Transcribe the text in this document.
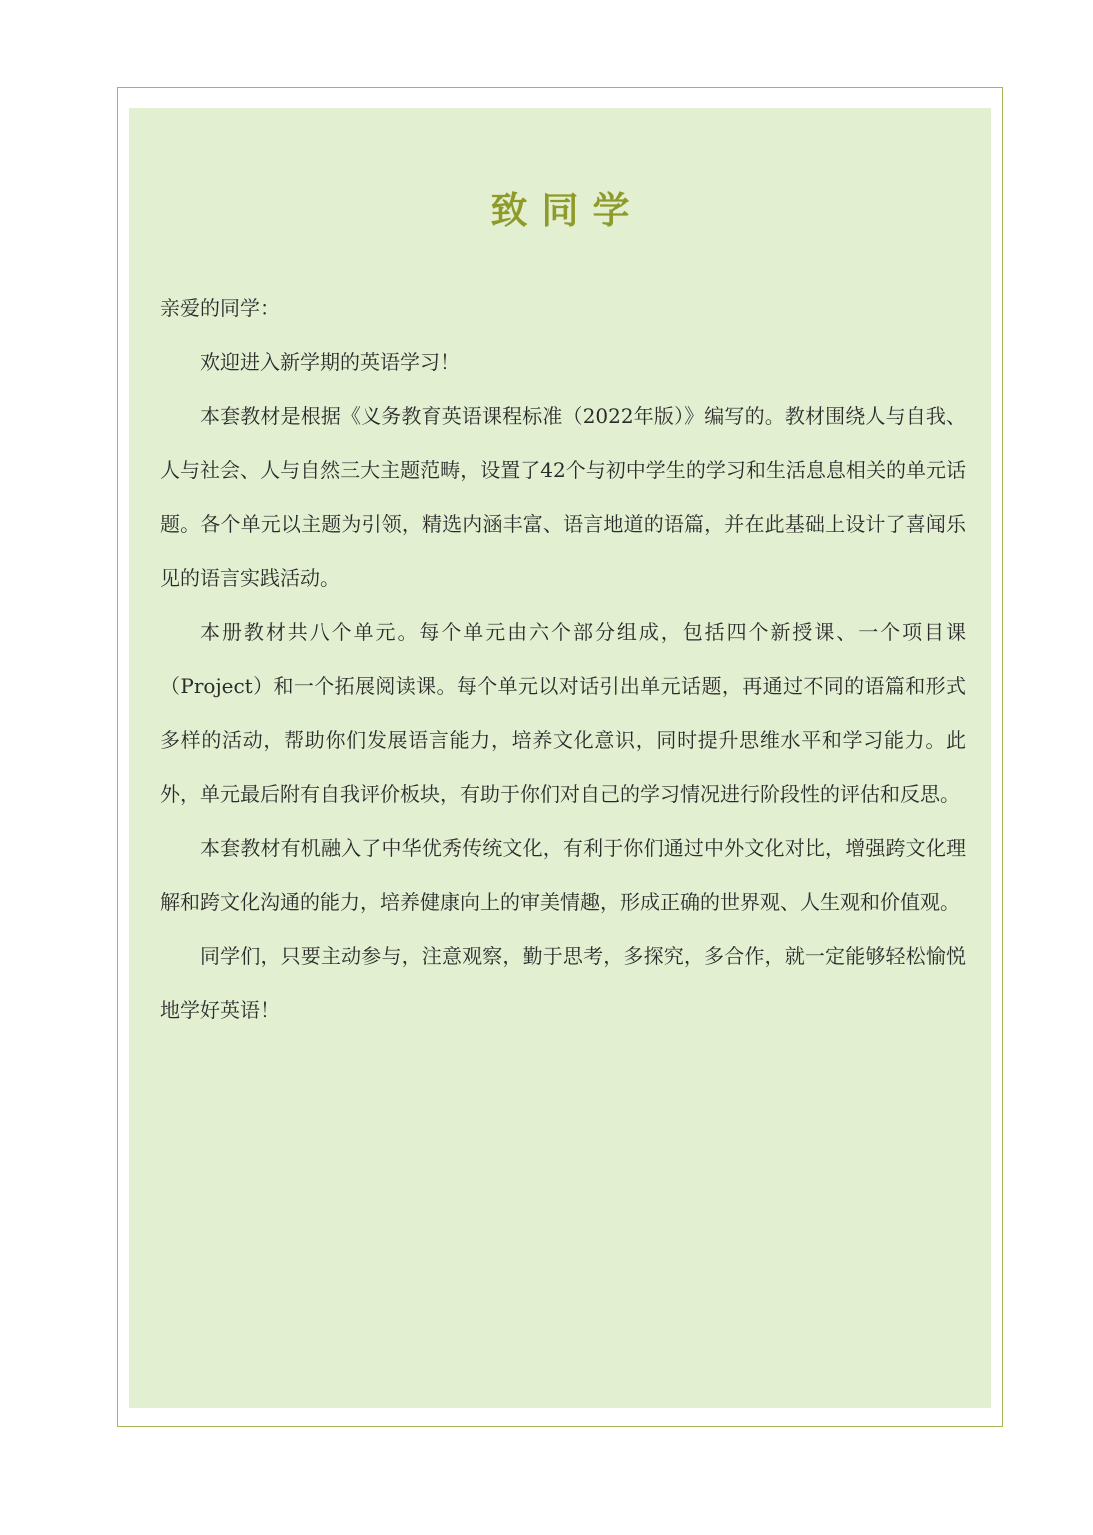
致同学

亲爱的同学：

欢迎进入新学期的英语学习！

本套教材是根据《义务教育英语课程标准（2022年版）》编写的。教材围绕人与自我、人与社会、人与自然三大主题范畴，设置了42个与初中学生的学习和生活息息相关的单元话题。各个单元以主题为引领，精选内涵丰富、语言地道的语篇，并在此基础上设计了喜闻乐见的语言实践活动。

本册教材共八个单元。每个单元由六个部分组成，包括四个新授课、一个项目课（Project）和一个拓展阅读课。每个单元以对话引出单元话题，再通过不同的语篇和形式多样的活动，帮助你们发展语言能力，培养文化意识，同时提升思维水平和学习能力。此外，单元最后附有自我评价板块，有助于你们对自己的学习情况进行阶段性的评估和反思。

本套教材有机融入了中华优秀传统文化，有利于你们通过中外文化对比，增强跨文化理解和跨文化沟通的能力，培养健康向上的审美情趣，形成正确的世界观、人生观和价值观。

同学们，只要主动参与，注意观察，勤于思考，多探究，多合作，就一定能够轻松愉悦地学好英语！
